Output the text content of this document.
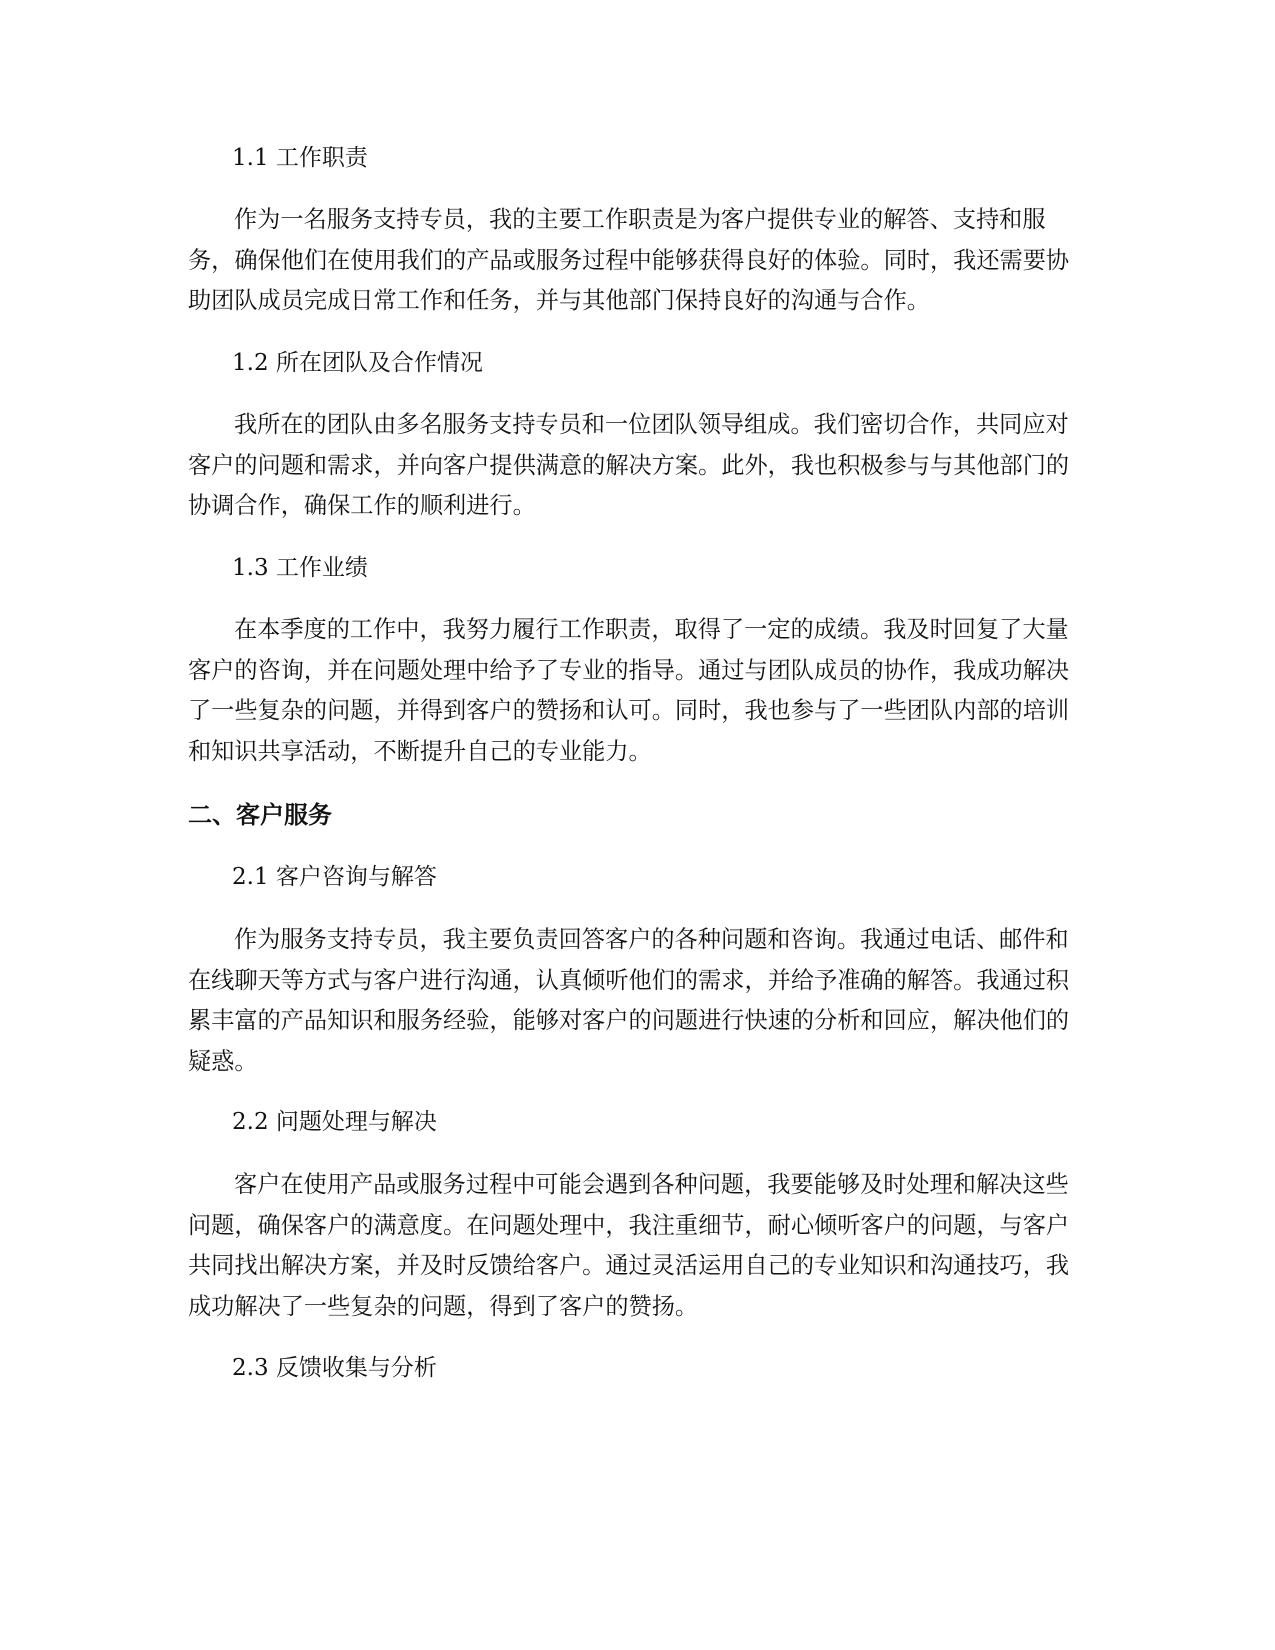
1.1 工作职责

作为一名服务支持专员，我的主要工作职责是为客户提供专业的解答、支持和服务，确保他们在使用我们的产品或服务过程中能够获得良好的体验。同时，我还需要协助团队成员完成日常工作和任务，并与其他部门保持良好的沟通与合作。

1.2 所在团队及合作情况

我所在的团队由多名服务支持专员和一位团队领导组成。我们密切合作，共同应对客户的问题和需求，并向客户提供满意的解决方案。此外，我也积极参与与其他部门的协调合作，确保工作的顺利进行。

1.3 工作业绩

在本季度的工作中，我努力履行工作职责，取得了一定的成绩。我及时回复了大量客户的咨询，并在问题处理中给予了专业的指导。通过与团队成员的协作，我成功解决了一些复杂的问题，并得到客户的赞扬和认可。同时，我也参与了一些团队内部的培训和知识共享活动，不断提升自己的专业能力。

二、客户服务

2.1 客户咨询与解答

作为服务支持专员，我主要负责回答客户的各种问题和咨询。我通过电话、邮件和在线聊天等方式与客户进行沟通，认真倾听他们的需求，并给予准确的解答。我通过积累丰富的产品知识和服务经验，能够对客户的问题进行快速的分析和回应，解决他们的疑惑。

2.2 问题处理与解决

客户在使用产品或服务过程中可能会遇到各种问题，我要能够及时处理和解决这些问题，确保客户的满意度。在问题处理中，我注重细节，耐心倾听客户的问题，与客户共同找出解决方案，并及时反馈给客户。通过灵活运用自己的专业知识和沟通技巧，我成功解决了一些复杂的问题，得到了客户的赞扬。

2.3 反馈收集与分析
